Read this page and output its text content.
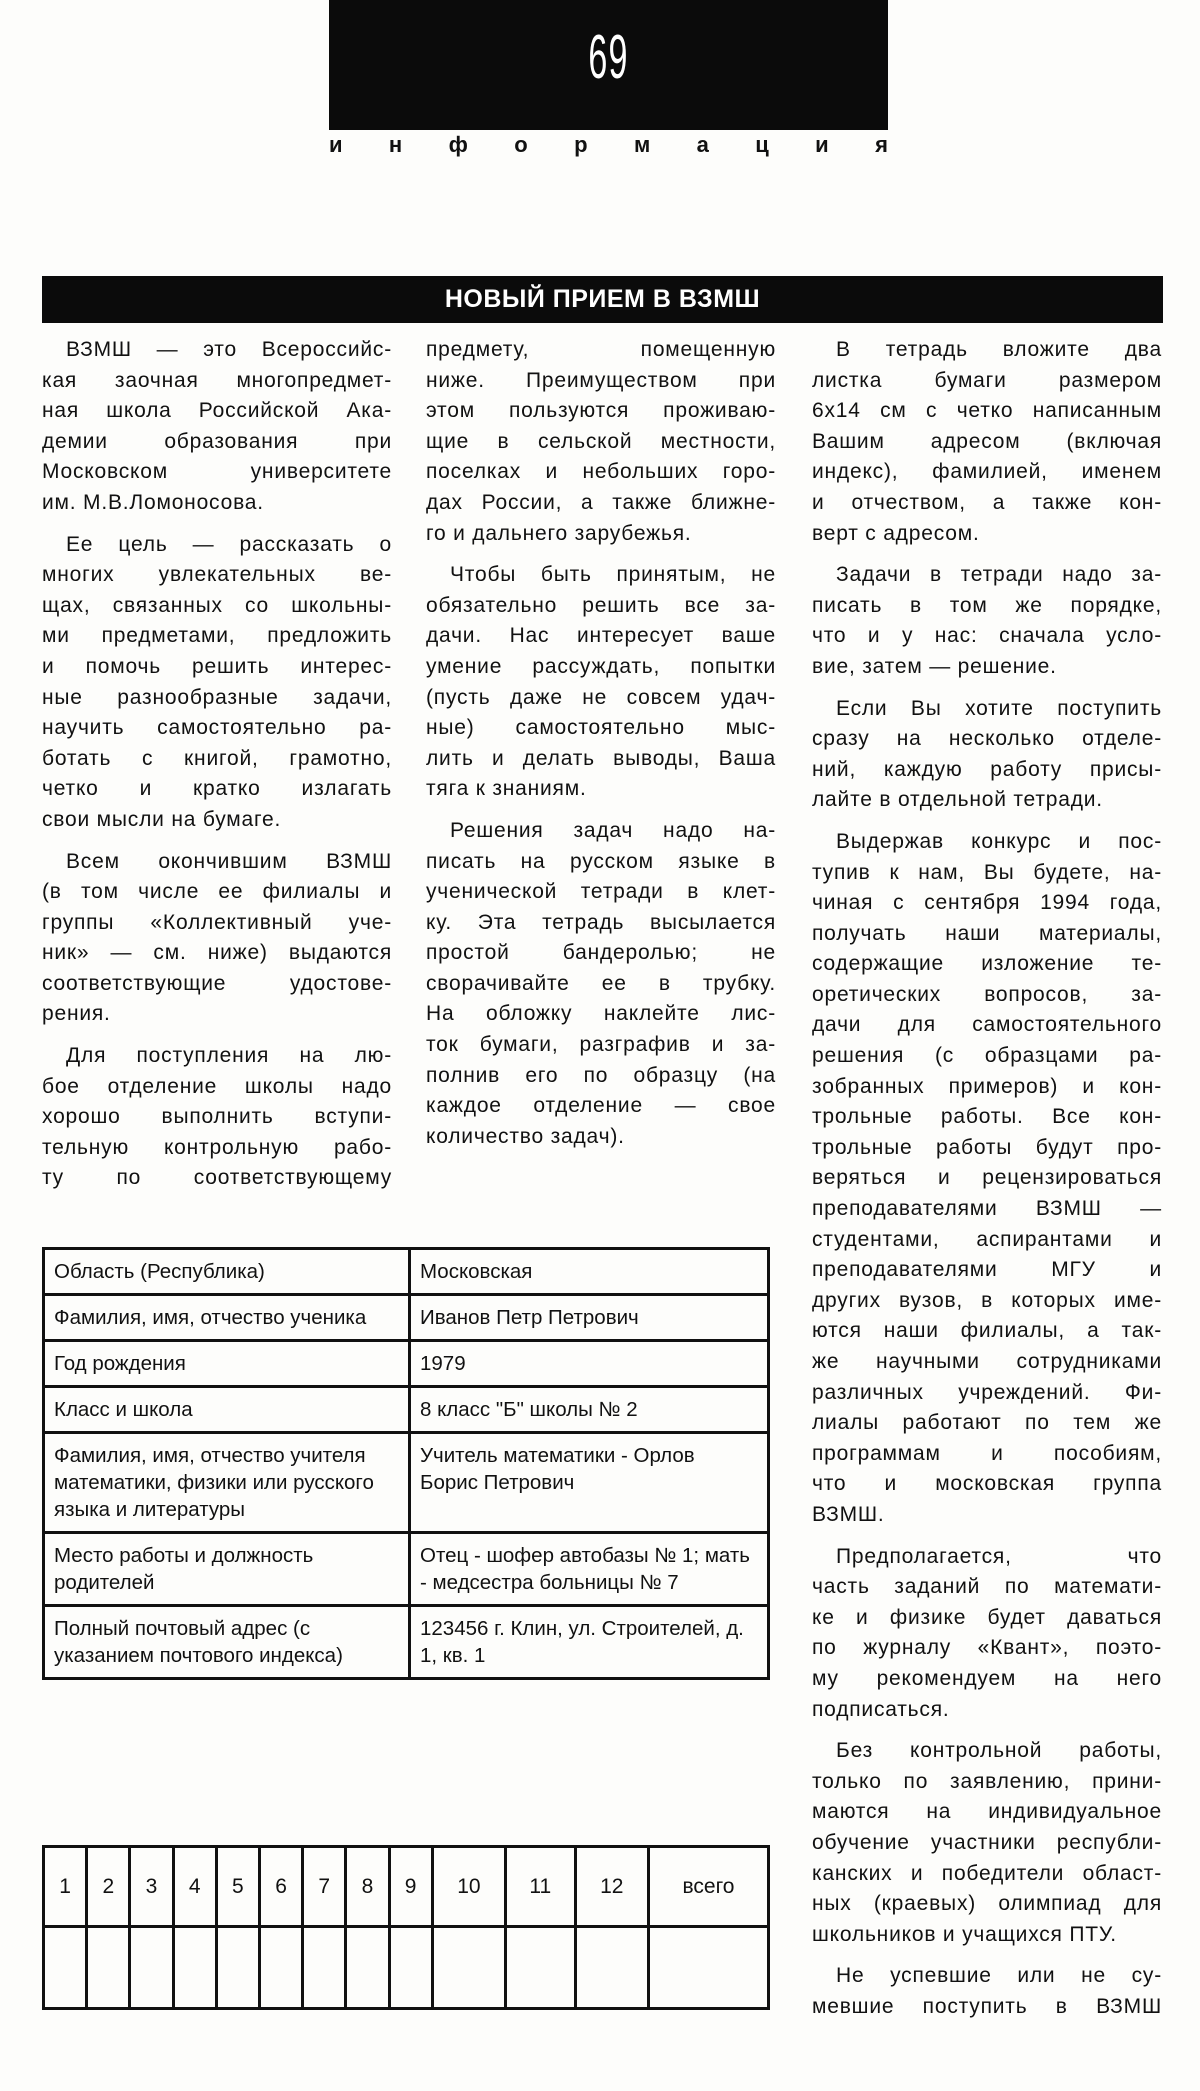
69
и н ф о р м а ц и я
НОВЫЙ ПРИЕМ В ВЗМШ
ВЗМШ — это Всероссийс-
кая заочная многопредмет-
ная школа Российской Ака-
демии образования при
Московском университете
им. М.В.Ломоносова.
Ее цель — рассказать о
многих увлекательных ве-
щах, связанных со школьны-
ми предметами, предложить
и помочь решить интерес-
ные разнообразные задачи,
научить самостоятельно ра-
ботать с книгой, грамотно,
четко и кратко излагать
свои мысли на бумаге.
Всем окончившим ВЗМШ
(в том числе ее филиалы и
группы «Коллективный уче-
ник» — см. ниже) выдаются
соответствующие удостове-
рения.
Для поступления на лю-
бое отделение школы надо
хорошо выполнить вступи-
тельную контрольную рабо-
ту по соответствующему
предмету, помещенную
ниже. Преимуществом при
этом пользуются проживаю-
щие в сельской местности,
поселках и небольших горо-
дах России, а также ближне-
го и дальнего зарубежья.
Чтобы быть принятым, не
обязательно решить все за-
дачи. Нас интересует ваше
умение рассуждать, попытки
(пусть даже не совсем удач-
ные) самостоятельно мыс-
лить и делать выводы, Ваша
тяга к знаниям.
Решения задач надо на-
писать на русском языке в
ученической тетради в клет-
ку. Эта тетрадь высылается
простой бандеролью; не
сворачивайте ее в трубку.
На обложку наклейте лис-
ток бумаги, разграфив и за-
полнив его по образцу (на
каждое отделение — свое
количество задач).
В тетрадь вложите два
листка бумаги размером
6x14 см с четко написанным
Вашим адресом (включая
индекс), фамилией, именем
и отчеством, а также кон-
верт с адресом.
Задачи в тетради надо за-
писать в том же порядке,
что и у нас: сначала усло-
вие, затем — решение.
Если Вы хотите поступить
сразу на несколько отделе-
ний, каждую работу присы-
лайте в отдельной тетради.
Выдержав конкурс и пос-
тупив к нам, Вы будете, на-
чиная с сентября 1994 года,
получать наши материалы,
содержащие изложение те-
оретических вопросов, за-
дачи для самостоятельного
решения (с образцами ра-
зобранных примеров) и кон-
трольные работы. Все кон-
трольные работы будут про-
веряться и рецензироваться
преподавателями ВЗМШ —
студентами, аспирантами и
преподавателями МГУ и
других вузов, в которых име-
ются наши филиалы, а так-
же научными сотрудниками
различных учреждений. Фи-
лиалы работают по тем же
программам и пособиям,
что и московская группа
ВЗМШ.
Предполагается, что
часть заданий по математи-
ке и физике будет даваться
по журналу «Квант», поэто-
му рекомендуем на него
подписаться.
Без контрольной работы,
только по заявлению, прини-
маются на индивидуальное
обучение участники республи-
канских и победители област-
ных (краевых) олимпиад для
школьников и учащихся ПТУ.
Не успевшие или не су-
мевшие поступить в ВЗМШ
Область (Республика)	Московская
Фамилия, имя, отчество ученика	Иванов Петр Петрович
Год рождения	1979
Класс и школа	8 класс "Б" школы № 2
Фамилия, имя, отчество учителя математики, физики или русского языка и литературы	Учитель математики - Орлов Борис Петрович
Место работы и должность родителей	Отец - шофер автобазы № 1; мать - медсестра больницы № 7
Полный почтовый адрес (с указанием почтового индекса)	123456 г. Клин, ул. Строителей, д. 1, кв. 1
1	2	3	4	5	6	7	8	9	10	11	12	всего
